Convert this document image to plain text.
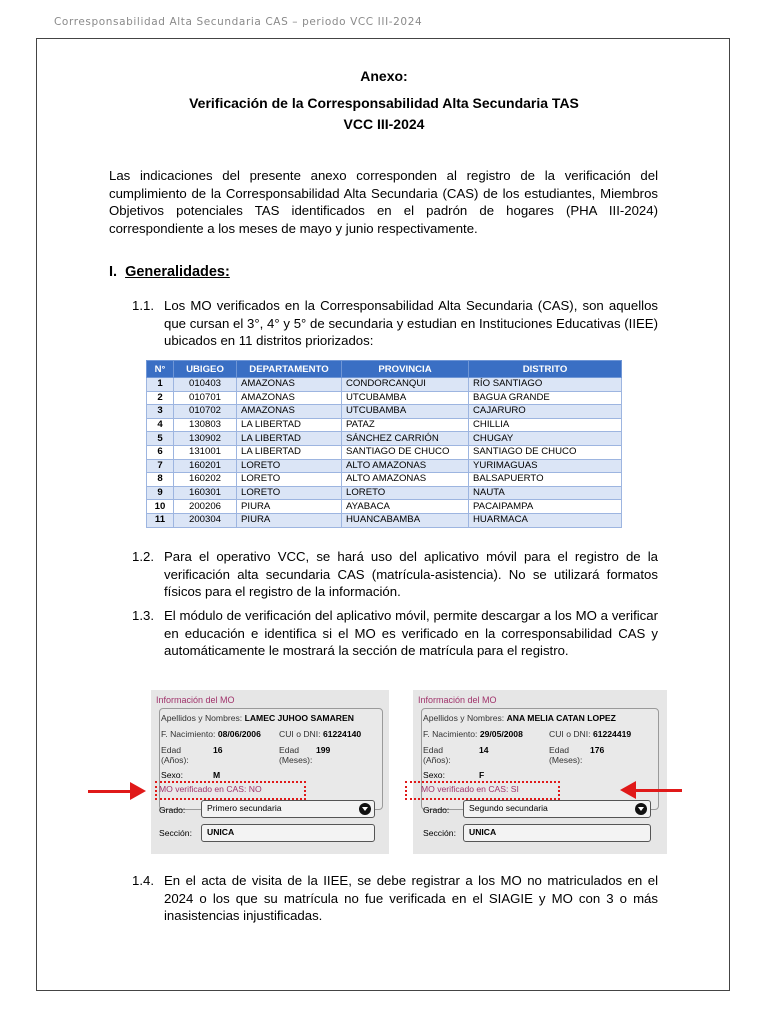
Corresponsabilidad Alta Secundaria CAS – periodo VCC III-2024
Anexo:
Verificación de la Corresponsabilidad Alta Secundaria TAS
VCC III-2024
Las indicaciones del presente anexo corresponden al registro de la verificación del cumplimiento de la Corresponsabilidad Alta Secundaria (CAS) de los estudiantes, Miembros Objetivos potenciales TAS identificados en el padrón de hogares (PHA III-2024) correspondiente a los meses de mayo y junio respectivamente.
I. Generalidades:
1.1. Los MO verificados en la Corresponsabilidad Alta Secundaria (CAS), son aquellos que cursan el 3°, 4° y 5° de secundaria y estudian en Instituciones Educativas (IIEE) ubicados en 11 distritos priorizados:
N°	UBIGEO	DEPARTAMENTO	PROVINCIA	DISTRITO
1	010403	AMAZONAS	CONDORCANQUI	RÍO SANTIAGO
2	010701	AMAZONAS	UTCUBAMBA	BAGUA GRANDE
3	010702	AMAZONAS	UTCUBAMBA	CAJARURO
4	130803	LA LIBERTAD	PATAZ	CHILLIA
5	130902	LA LIBERTAD	SÁNCHEZ CARRIÓN	CHUGAY
6	131001	LA LIBERTAD	SANTIAGO DE CHUCO	SANTIAGO DE CHUCO
7	160201	LORETO	ALTO AMAZONAS	YURIMAGUAS
8	160202	LORETO	ALTO AMAZONAS	BALSAPUERTO
9	160301	LORETO	LORETO	NAUTA
10	200206	PIURA	AYABACA	PACAIPAMPA
11	200304	PIURA	HUANCABAMBA	HUARMACA
1.2. Para el operativo VCC, se hará uso del aplicativo móvil para el registro de la verificación alta secundaria CAS (matrícula-asistencia). No se utilizará formatos físicos para el registro de la información.
1.3. El módulo de verificación del aplicativo móvil, permite descargar a los MO a verificar en educación e identifica si el MO es verificado en la corresponsabilidad CAS y automáticamente le mostrará la sección de matrícula para el registro.
Información del MO
Apellidos y Nombres: LAMEC JUHOO SAMAREN
F. Nacimiento: 08/06/2006 CUI o DNI: 61224140
Edad
(Años):
16	Edad
(Meses):
199
Sexo:	M
MO verificado en CAS: NO
Grado:	Primero secundaria
Sección: UNICA
Información del MO
Apellidos y Nombres: ANA MELIA CATAN LOPEZ
F. Nacimiento: 29/05/2008	CUI o DNI: 61224419
Edad
(Años):
14	Edad
(Meses):
176
Sexo:	F
MO verificado en CAS: SI
Grado: Segundo secundaria
Sección: UNICA
1.4. En el acta de visita de la IIEE, se debe registrar a los MO no matriculados en el 2024 o los que su matrícula no fue verificada en el SIAGIE y MO con 3 o más inasistencias injustificadas.
